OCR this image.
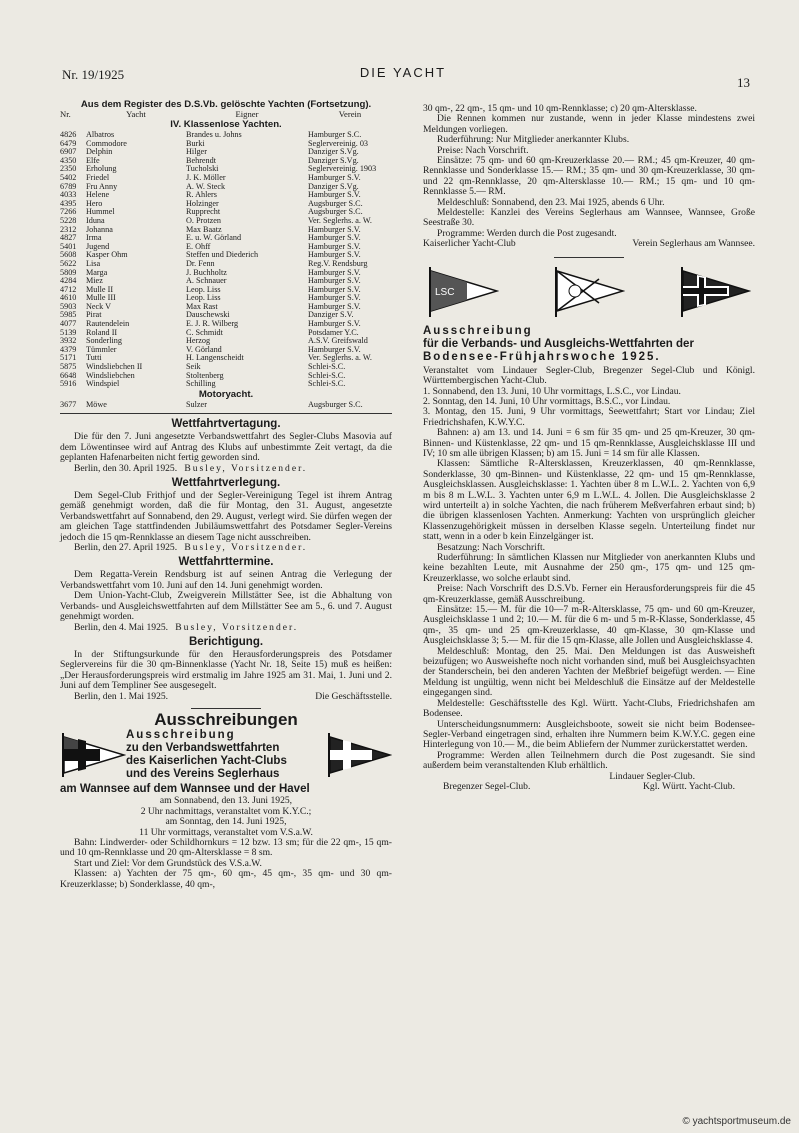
Nr. 19/1925	DIE YACHT
13

Aus dem Register des D.S.Vb. gelöschte Yachten (Fortsetzung).

Nr.	Yacht	Eigner	Verein
IV. Klassenlose Yachten.			
4826	Albatros	Brandes u. Johns	Hamburger S.C.
6479	Commodore	Burki	Seglervereinig. 03
6907	Delphin	Hilger	Danziger S.Vg.
4350	Elfe	Behrendt	Danziger S.Vg.
2350	Erholung	Tucholski	Seglervereinig. 1903
5402	Friedel	J. K. Möller	Hamburger S.V.
6789	Fru Anny	A. W. Steck	Danziger S.Vg.
4033	Helene	R. Ahlers	Hamburger S.V.
4395	Hero	Holzinger	Augsburger S.C.
7266	Hummel	Rupprecht	Augsburger S.C.
5228	Iduna	O. Protzen	Ver. Seglerhs. a. W.
2312	Johanna	Max Baatz	Hamburger S.V.
4827	Irma	E. u. W. Görland	Hamburger S.V.
5401	Jugend	E. Ohff	Hamburger S.V.
5608	Kasper Ohm	Steffen und Diederich	Hamburger S.V.
5622	Lisa	Dr. Fenn	Reg.V. Rendsburg
5809	Marga	J. Buchholtz	Hamburger S.V.
4284	Miez	A. Schnauer	Hamburger S.V.
4712	Mulle II	Leop. Liss	Hamburger S.V.
4610	Mulle III	Leop. Liss	Hamburger S.V.
5903	Neck V	Max Rast	Hamburger S.V.
5985	Pirat	Dauschewski	Danziger S.V.
4077	Rautendelein	E. J. R. Wilberg	Hamburger S.V.
5139	Roland II	C. Schmidt	Potsdamer Y.C.
3932	Sonderling	Herzog	A.S.V. Greifswald
4379	Tümmler	V. Görland	Hamburger S.V.
5171	Tutti	H. Langenscheidt	Ver. Seglerhs. a. W.
5875	Windsliebchen II	Seik	Schlei-S.C.
6648	Windsliebchen	Stoltenberg	Schlei-S.C.
5916	Windspiel	Schilling	Schlei-S.C.
Motoryacht.			
3677	Möwe	Sulzer	Augsburger S.C.
Wettfahrtvertagung.

Die für den 7. Juni angesetzte Verbandswettfahrt des Segler-Clubs Masovia auf dem Löwentinsee wird auf Antrag des Klubs auf unbestimmte Zeit vertagt, da die geplanten Hafenarbeiten nicht fertig geworden sind.

Berlin, den 30. April 1925. Busley, Vorsitzender.

Wettfahrtverlegung.

Dem Segel-Club Frithjof und der Segler-Vereinigung Tegel ist ihrem Antrag gemäß genehmigt worden, daß die für Montag, den 31. August, angesetzte Verbandswettfahrt auf Sonnabend, den 29. August, verlegt wird. Sie dürfen wegen der am gleichen Tage stattfindenden Jubiläumswettfahrt des Potsdamer Segler-Vereins jedoch die 15 qm-Rennklasse an diesem Tage nicht ausschreiben.

Berlin, den 27. April 1925. Busley, Vorsitzender.

Wettfahrttermine.

Dem Regatta-Verein Rendsburg ist auf seinen Antrag die Verlegung der Verbandswettfahrt vom 10. Juni auf den 14. Juni genehmigt worden.

Dem Union-Yacht-Club, Zweigverein Millstätter See, ist die Abhaltung von Verbands- und Ausgleichswettfahrten auf dem Millstätter See am 5., 6. und 7. August genehmigt worden.

Berlin, den 4. Mai 1925. Busley, Vorsitzender.

Berichtigung.

In der Stiftungsurkunde für den Herausforderungspreis des Potsdamer Seglervereins für die 30 qm-Binnenklasse (Yacht Nr. 18, Seite 15) muß es heißen: „Der Herausforderungspreis wird erstmalig im Jahre 1925 am 31. Mai, 1. Juni und 2. Juni auf dem Templiner See ausgesegelt.

Berlin, den 1. Mai 1925.	Die Geschäftsstelle.

Ausschreibungen

Ausschreibung

zu den Verbandswettfahrten

des Kaiserlichen Yacht-Clubs

und des Vereins Seglerhaus

am Wannsee auf dem Wannsee und der Havel

am Sonnabend, den 13. Juni 1925,

2 Uhr nachmittags, veranstaltet vom K.Y.C.;

am Sonntag, den 14. Juni 1925,

11 Uhr vormittags, veranstaltet vom V.S.a.W.

Bahn: Lindwerder- oder Schildhornkurs = 12 bzw. 13 sm; für die 22 qm-, 15 qm- und 10 qm-Rennklasse und 20 qm-Altersklasse = 8 sm.

Start und Ziel: Vor dem Grundstück des V.S.a.W.

Klassen: a) Yachten der 75 qm-, 60 qm-, 45 qm-, 35 qm- und 30 qm-Kreuzerklasse; b) Sonderklasse, 40 qm-,

30 qm-, 22 qm-, 15 qm- und 10 qm-Rennklasse; c) 20 qm-Altersklasse.

Die Rennen kommen nur zustande, wenn in jeder Klasse mindestens zwei Meldungen vorliegen.

Ruderführung: Nur Mitglieder anerkannter Klubs.

Preise: Nach Vorschrift.

Einsätze: 75 qm- und 60 qm-Kreuzerklasse 20.— RM.; 45 qm-Kreuzer, 40 qm-Rennklasse und Sonderklasse 15.— RM.; 35 qm- und 30 qm-Kreuzerklasse, 30 qm- und 22 qm-Rennklasse, 20 qm-Altersklasse 10.— RM.; 15 qm- und 10 qm-Rennklasse 5.— RM.

Meldeschluß: Sonnabend, den 23. Mai 1925, abends 6 Uhr.

Meldestelle: Kanzlei des Vereins Seglerhaus am Wannsee, Wannsee, Große Seestraße 30.

Programme: Werden durch die Post zugesandt.

Kaiserlicher Yacht-Club	Verein Seglerhaus am Wannsee.

LSC

Ausschreibung

für die Verbands- und Ausgleichs-Wettfahrten der

Bodensee-Frühjahrswoche 1925.

Veranstaltet vom Lindauer Segler-Club, Bregenzer Segel-Club und Königl. Württembergischen Yacht-Club.

1. Sonnabend, den 13. Juni, 10 Uhr vormittags, L.S.C., vor Lindau.

2. Sonntag, den 14. Juni, 10 Uhr vormittags, B.S.C., vor Lindau.

3. Montag, den 15. Juni, 9 Uhr vormittags, Seewettfahrt; Start vor Lindau; Ziel Friedrichshafen, K.W.Y.C.

Bahnen: a) am 13. und 14. Juni = 6 sm für 35 qm- und 25 qm-Kreuzer, 30 qm-Binnen- und Küstenklasse, 22 qm- und 15 qm-Rennklasse, Ausgleichsklasse III und IV; 10 sm alle übrigen Klassen; b) am 15. Juni = 14 sm für alle Klassen.

Klassen: Sämtliche R-Altersklassen, Kreuzerklassen, 40 qm-Rennklasse, Sonderklasse, 30 qm-Binnen- und Küstenklasse, 22 qm- und 15 qm-Rennklasse, Ausgleichsklassen. Ausgleichsklasse: 1. Yachten über 8 m L.W.L. 2. Yachten von 6,9 m bis 8 m L.W.L. 3. Yachten unter 6,9 m L.W.L. 4. Jollen. Die Ausgleichsklasse 2 wird unterteilt a) in solche Yachten, die nach früherem Meßverfahren erbaut sind; b) die übrigen klassenlosen Yachten. Anmerkung: Yachten von ursprünglich gleicher Klassenzugehörigkeit müssen in derselben Klasse segeln. Unterteilung findet nur statt, wenn in a oder b kein Einzelgänger ist.

Besatzung: Nach Vorschrift.

Ruderführung: In sämtlichen Klassen nur Mitglieder von anerkannten Klubs und keine bezahlten Leute, mit Ausnahme der 250 qm-, 175 qm- und 125 qm-Kreuzerklasse, wo solche erlaubt sind.

Preise: Nach Vorschrift des D.S.Vb. Ferner ein Herausforderungspreis für die 45 qm-Kreuzerklasse, gemäß Ausschreibung.

Einsätze: 15.— M. für die 10—7 m-R-Altersklasse, 75 qm- und 60 qm-Kreuzer, Ausgleichsklasse 1 und 2; 10.— M. für die 6 m- und 5 m-R-Klasse, Sonderklasse, 45 qm-, 35 qm- und 25 qm-Kreuzerklasse, 40 qm-Klasse, 30 qm-Klasse und Ausgleichsklasse 3; 5.— M. für die 15 qm-Klasse, alle Jollen und Ausgleichsklasse 4.

Meldeschluß: Montag, den 25. Mai. Den Meldungen ist das Ausweisheft beizufügen; wo Ausweishefte noch nicht vorhanden sind, muß bei Ausgleichsyachten der Standerschein, bei den anderen Yachten der Meßbrief beigefügt werden. — Eine Meldung ist ungültig, wenn nicht bei Meldeschluß die Einsätze auf der Meldestelle eingegangen sind.

Meldestelle: Geschäftsstelle des Kgl. Württ. Yacht-Clubs, Friedrichshafen am Bodensee.

Unterscheidungsnummern: Ausgleichsboote, soweit sie nicht beim Bodensee-Segler-Verband eingetragen sind, erhalten ihre Nummern beim K.W.Y.C. gegen eine Hinterlegung von 10.— M., die beim Abliefern der Nummer zurückerstattet werden.

Programme: Werden allen Teilnehmern durch die Post zugesandt. Sie sind außerdem beim veranstaltenden Klub erhältlich.

Lindauer Segler-Club.

Bregenzer Segel-Club.	Kgl. Württ. Yacht-Club.

© yachtsportmuseum.de
